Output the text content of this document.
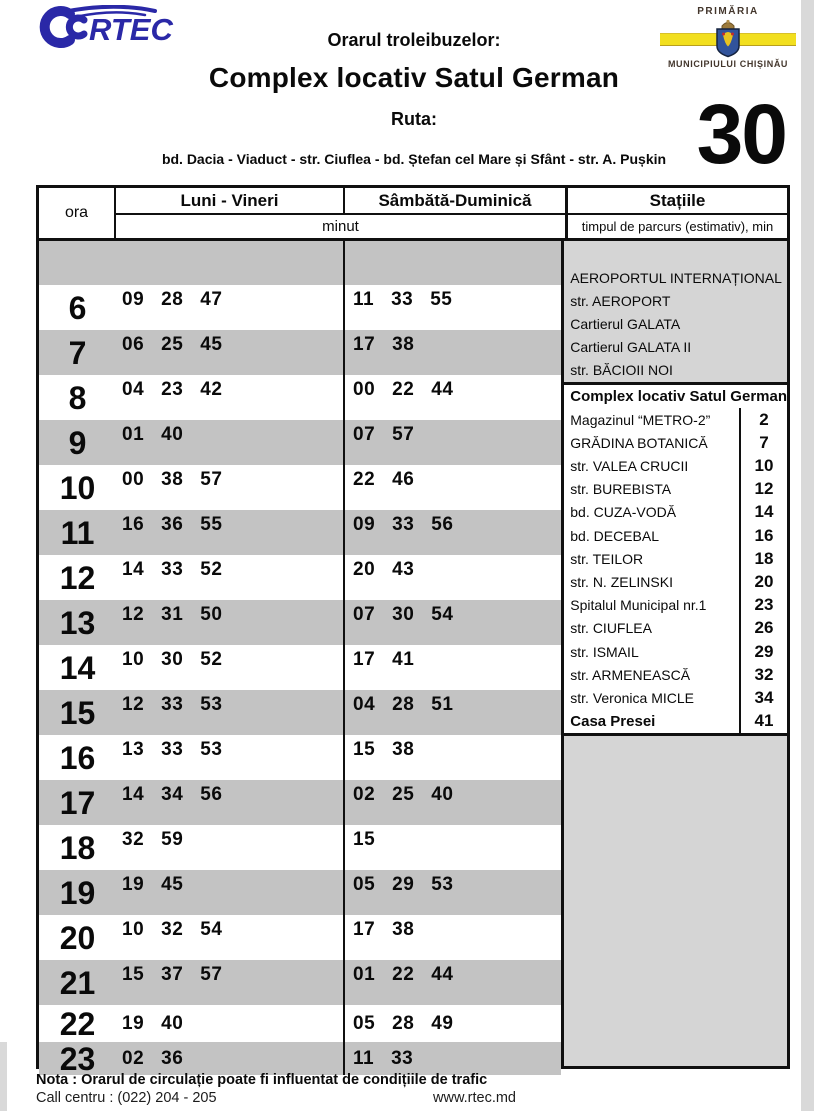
RTEC
PRIMĂRIA
MUNICIPIULUI CHIȘINĂU
Orarul troleibuzelor:
Complex locativ Satul German
Ruta:
bd. Dacia - Viaduct - str. Ciuflea - bd. Ștefan cel Mare și Sfânt - str. A. Pușkin 30
ora
Luni - Vineri	Sâmbătă-Duminică
minut
Stațiile
timpul de parcurs (estimativ), min
6	09 28 47	11 33 55
7	06 25 45	17 38
8	04 23 42	00 22 44
9	01 40	07 57
10	00 38 57	22 46
11	16 36 55	09 33 56
12	14 33 52	20 43
13	12 31 50	07 30 54
14	10 30 52	17 41
15	12 33 53	04 28 51
16	13 33 53	15 38
17	14 34 56	02 25 40
18	32 59	15
19	19 45	05 29 53
20	10 32 54	17 38
21	15 37 57	01 22 44
22	19 40	05 28 49
23	02 36	11 33
AEROPORTUL INTERNAȚIONAL
str. AEROPORT
Cartierul GALATA
Cartierul GALATA II
str. BĂCIOII NOI
Complex locativ Satul German
Magazinul “METRO-2”	2
GRĂDINA BOTANICĂ	7
str. VALEA CRUCII	10
str. BUREBISTA	12
bd. CUZA-VODĂ	14
bd. DECEBAL	16
str. TEILOR	18
str. N. ZELINSKI	20
Spitalul Municipal nr.1	23
str. CIUFLEA	26
str. ISMAIL	29
str. ARMENEASCĂ	32
str. Veronica MICLE	34
Casa Presei	41
Nota : Orarul de circulație poate fi influentat de condițiile de trafic
Call centru : (022) 204 - 205	www.rtec.md
